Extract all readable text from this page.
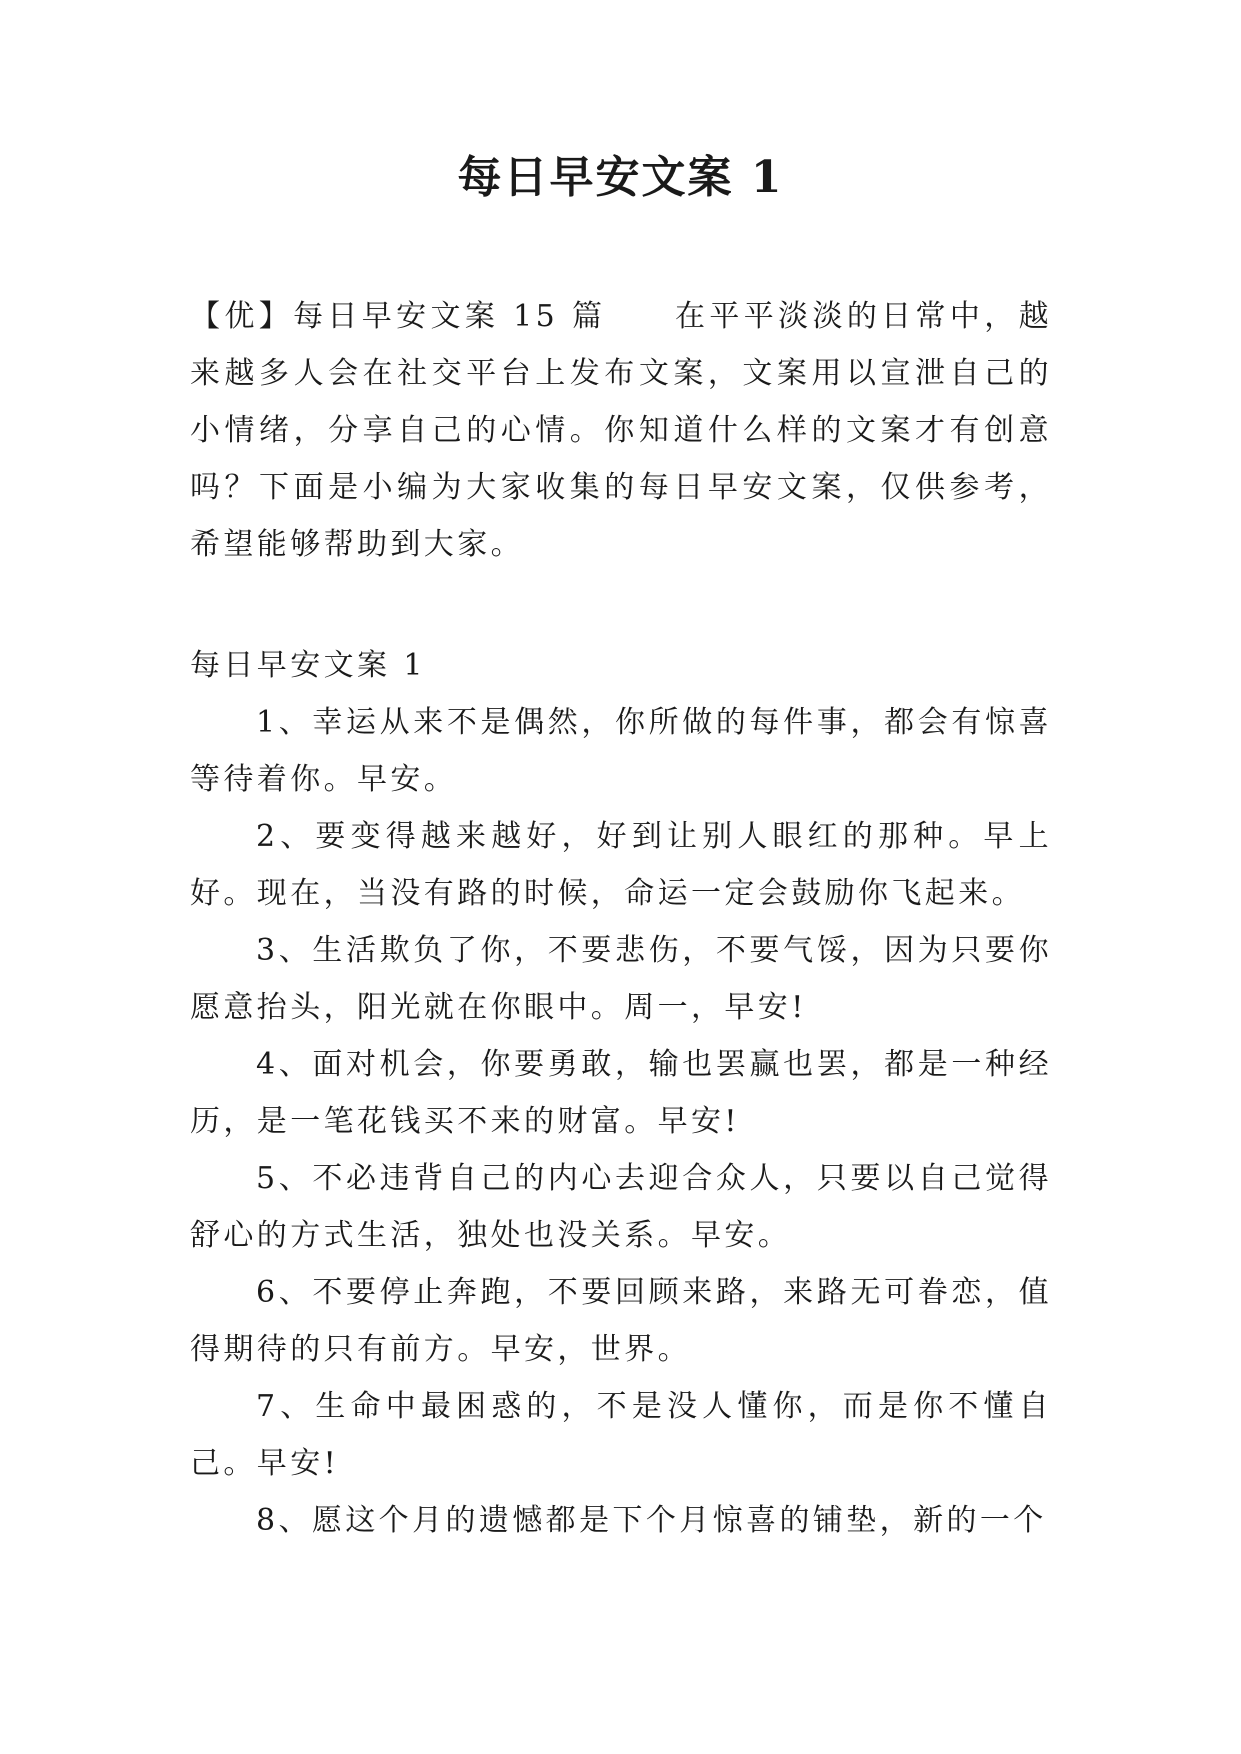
每日早安文案 1

【优】每日早安文案 15 篇　　在平平淡淡的日常中，越来越多人会在社交平台上发布文案，文案用以宣泄自己的小情绪，分享自己的心情。你知道什么样的文案才有创意吗？下面是小编为大家收集的每日早安文案，仅供参考，希望能够帮助到大家。

每日早安文案 1

1、幸运从来不是偶然，你所做的每件事，都会有惊喜等待着你。早安。
2、要变得越来越好，好到让别人眼红的那种。早上好。现在，当没有路的时候，命运一定会鼓励你飞起来。
3、生活欺负了你，不要悲伤，不要气馁，因为只要你愿意抬头，阳光就在你眼中。周一，早安!
4、面对机会，你要勇敢，输也罢赢也罢，都是一种经历，是一笔花钱买不来的财富。早安!
5、不必违背自己的内心去迎合众人，只要以自己觉得舒心的方式生活，独处也没关系。早安。
6、不要停止奔跑，不要回顾来路，来路无可眷恋，值得期待的只有前方。早安，世界。
7、生命中最困惑的，不是没人懂你，而是你不懂自己。早安!
8、愿这个月的遗憾都是下个月惊喜的铺垫，新的一个
